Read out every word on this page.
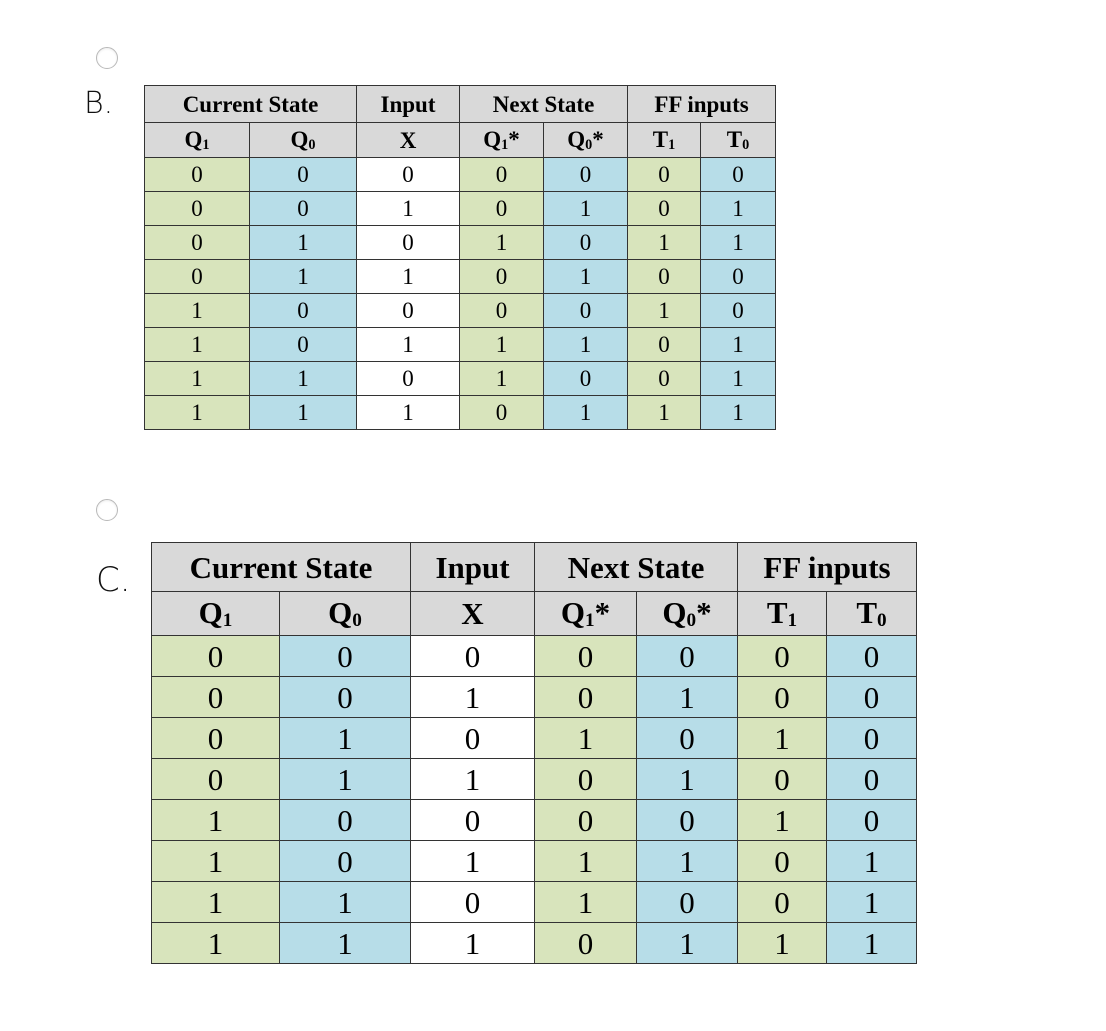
B.	Current State		Input	Next State		FF inputs	
Q1	Q0	X	Q1*	Q0*	T1	T0
0	0	0	0	0	0	0
0	0	1	0	1	0	1
0	1	0	1	0	1	1
0	1	1	0	1	0	0
1	0	0	0	0	1	0
1	0	1	1	1	0	1
1	1	0	1	0	0	1
1	1	1	0	1	1	1
C. Current State		Input	Next State		FF inputs	
Q1	Q0	X	Q1*	Q0*	T1	T0
0	0	0	0	0	0	0
0	0	1	0	1	0	0
0	1	0	1	0	1	0
0	1	1	0	1	0	0
1	0	0	0	0	1	0
1	0	1	1	1	0	1
1	1	0	1	0	0	1
1	1	1	0	1	1	1
